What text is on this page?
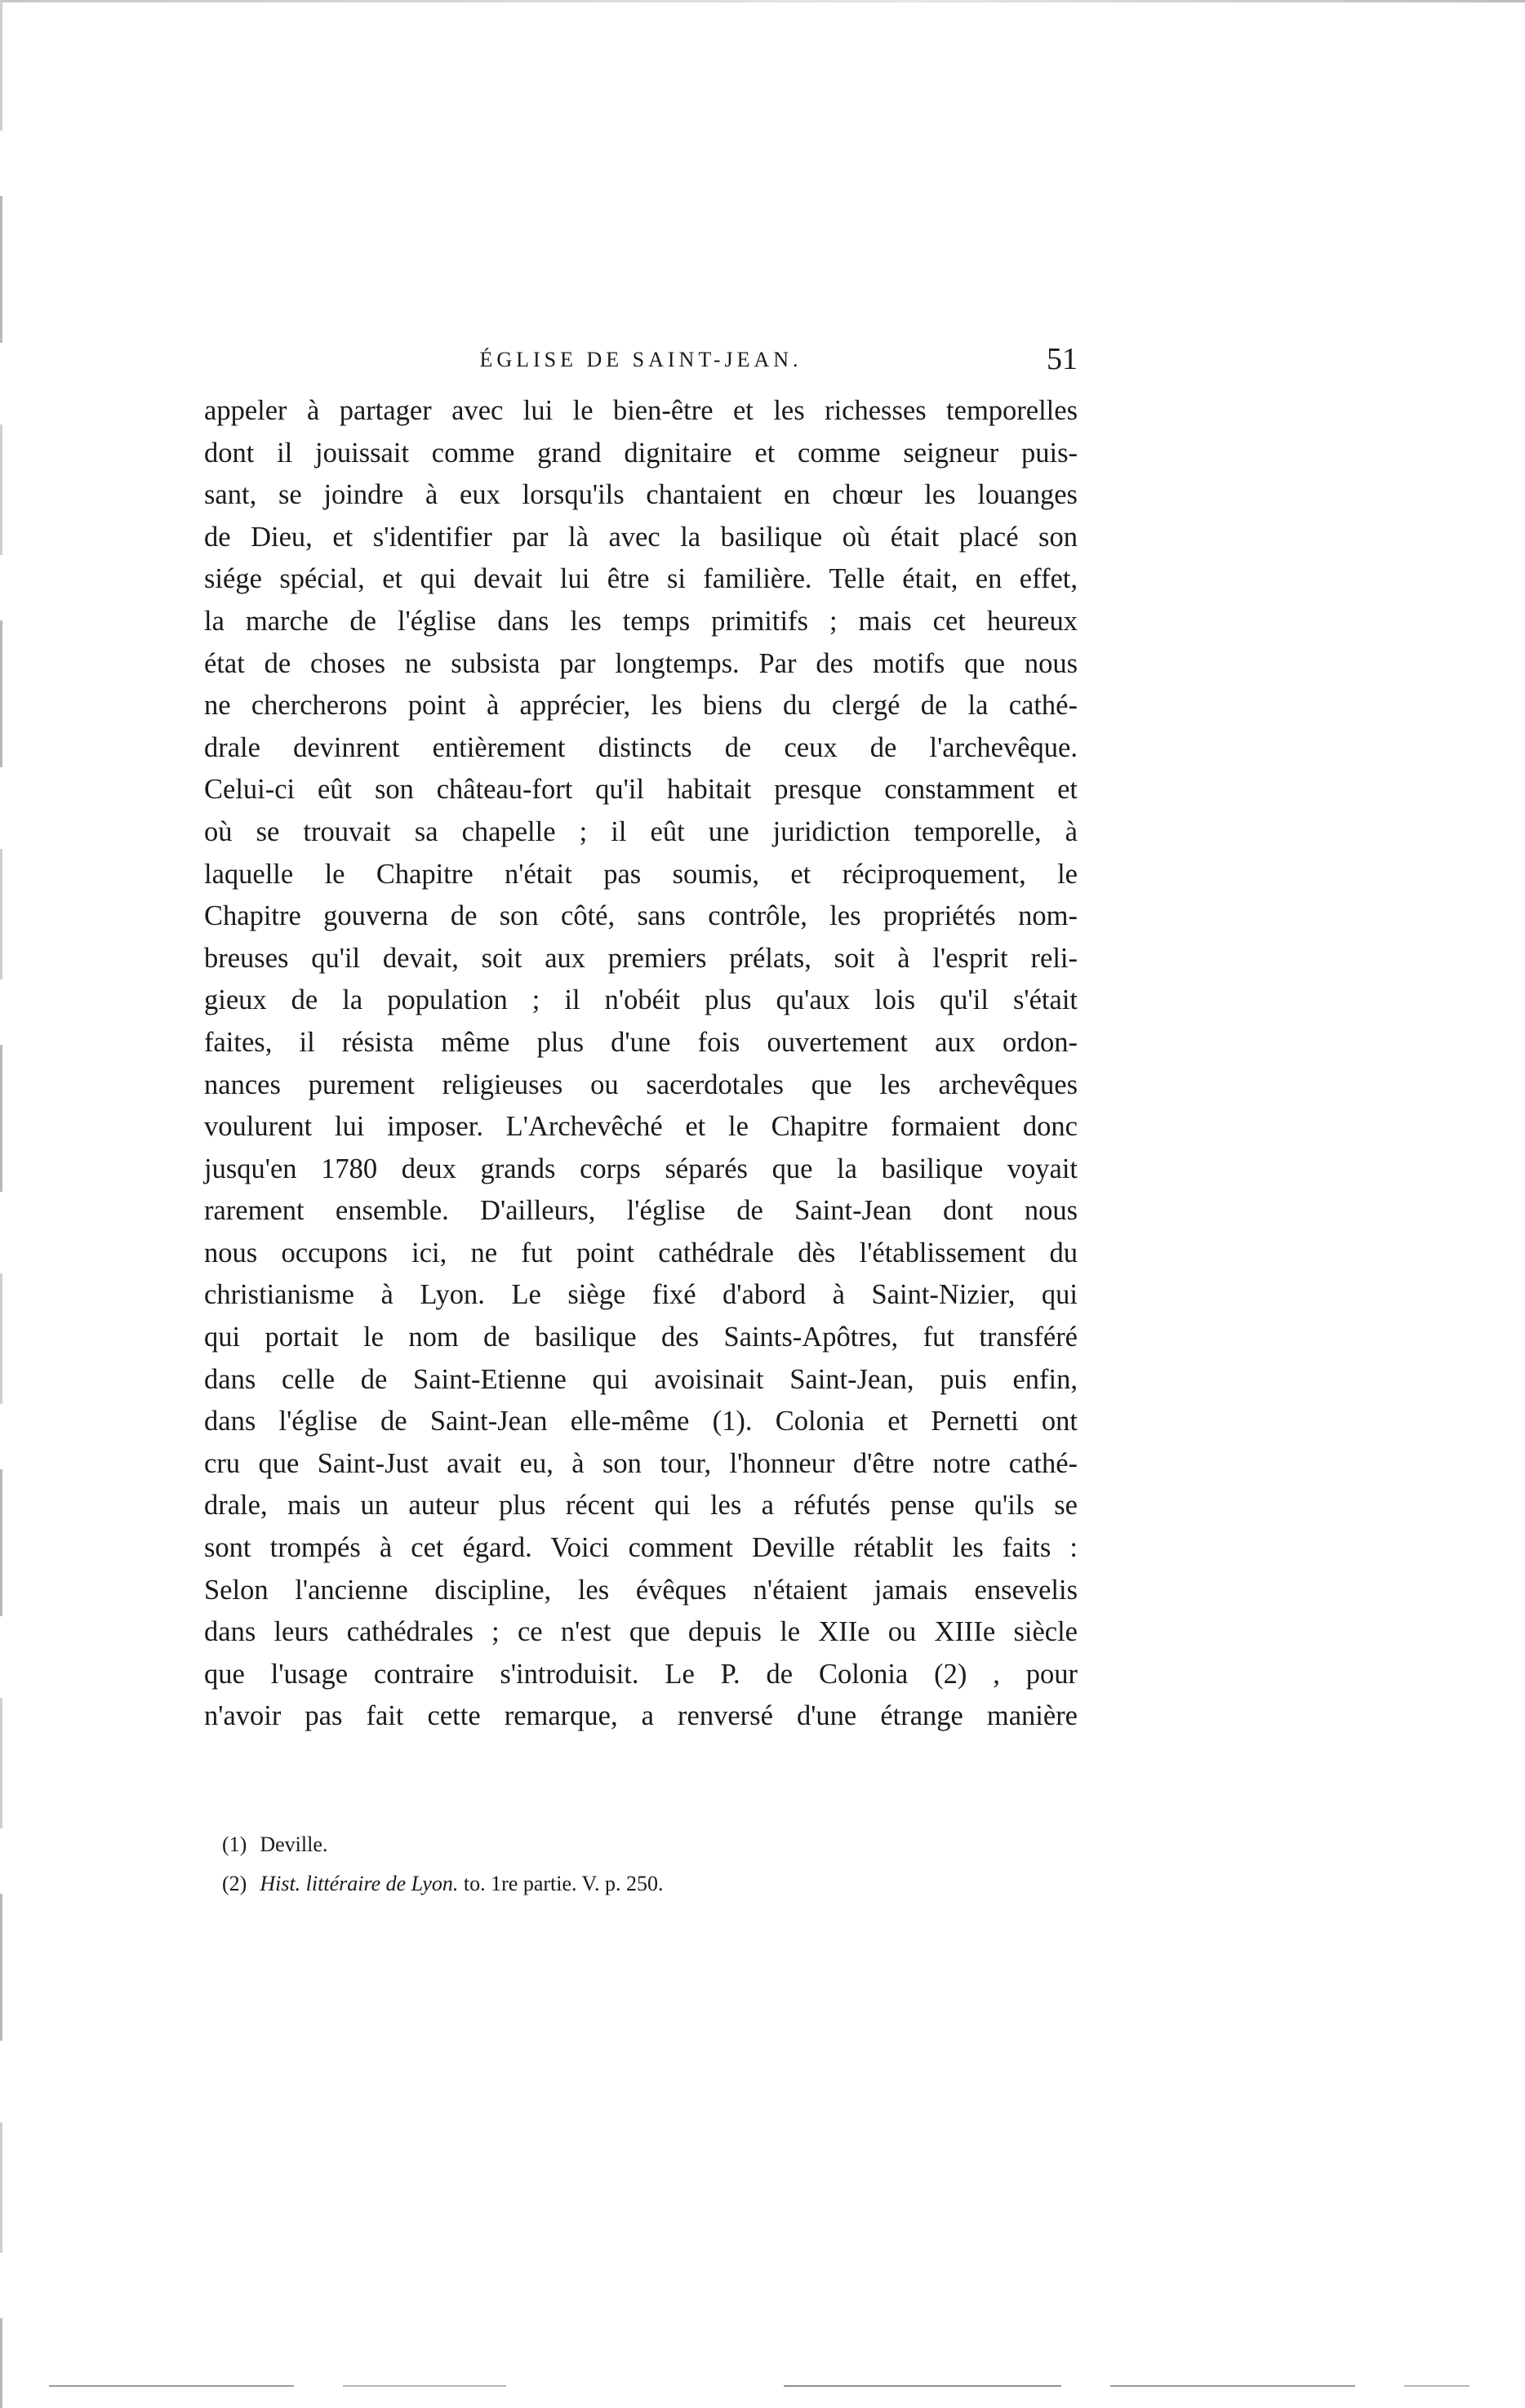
ÉGLISE DE SAINT-JEAN.	51
appeler à partager avec lui le bien-être et les richesses temporelles
dont il jouissait comme grand dignitaire et comme seigneur puis-
sant, se joindre à eux lorsqu'ils chantaient en chœur les louanges
de Dieu, et s'identifier par là avec la basilique où était placé son
siége spécial, et qui devait lui être si familière. Telle était, en effet,
la marche de l'église dans les temps primitifs ; mais cet heureux
état de choses ne subsista par longtemps. Par des motifs que nous
ne chercherons point à apprécier, les biens du clergé de la cathé-
drale devinrent entièrement distincts de ceux de l'archevêque.
Celui-ci eût son château-fort qu'il habitait presque constamment et
où se trouvait sa chapelle ; il eût une juridiction temporelle, à
laquelle le Chapitre n'était pas soumis, et réciproquement, le
Chapitre gouverna de son côté, sans contrôle, les propriétés nom-
breuses qu'il devait, soit aux premiers prélats, soit à l'esprit reli-
gieux de la population ; il n'obéit plus qu'aux lois qu'il s'était
faites, il résista même plus d'une fois ouvertement aux ordon-
nances purement religieuses ou sacerdotales que les archevêques
voulurent lui imposer. L'Archevêché et le Chapitre formaient donc
jusqu'en 1780 deux grands corps séparés que la basilique voyait
rarement ensemble. D'ailleurs, l'église de Saint-Jean dont nous
nous occupons ici, ne fut point cathédrale dès l'établissement du
christianisme à Lyon. Le siège fixé d'abord à Saint-Nizier, qui
qui portait le nom de basilique des Saints-Apôtres, fut transféré
dans celle de Saint-Etienne qui avoisinait Saint-Jean, puis enfin,
dans l'église de Saint-Jean elle-même (1). Colonia et Pernetti ont
cru que Saint-Just avait eu, à son tour, l'honneur d'être notre cathé-
drale, mais un auteur plus récent qui les a réfutés pense qu'ils se
sont trompés à cet égard. Voici comment Deville rétablit les faits :
Selon l'ancienne discipline, les évêques n'étaient jamais ensevelis
dans leurs cathédrales ; ce n'est que depuis le XIIe ou XIIIe siècle
que l'usage contraire s'introduisit. Le P. de Colonia (2) , pour
n'avoir pas fait cette remarque, a renversé d'une étrange manière
(1) Deville.
(2) Hist. littéraire de Lyon. to. 1re partie. V. p. 250.
